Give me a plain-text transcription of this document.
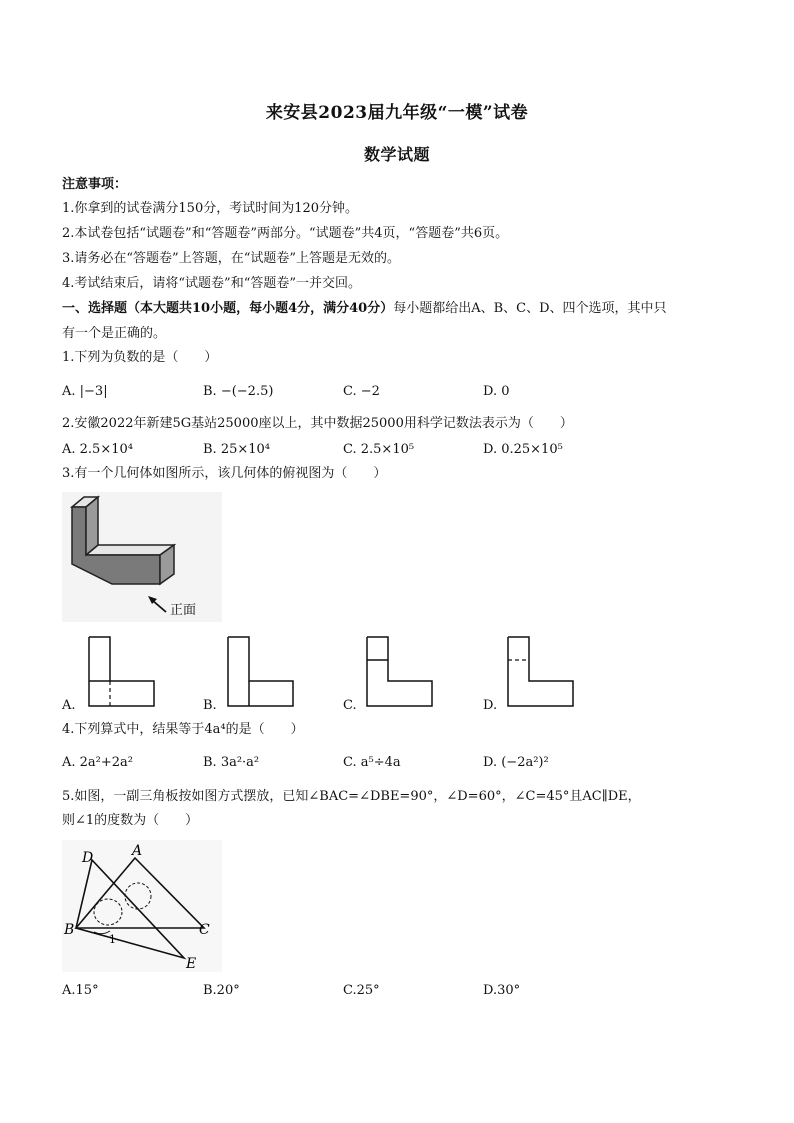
来安县2023届九年级“一模”试卷
数学试题
注意事项：
1.你拿到的试卷满分150分，考试时间为120分钟。
2.本试卷包括“试题卷”和“答题卷”两部分。“试题卷”共4页，“答题卷”共6页。
3.请务必在“答题卷”上答题，在“试题卷”上答题是无效的。
4.考试结束后，请将“试题卷”和“答题卷”一并交回。
一、选择题（本大题共10小题，每小题4分，满分40分）每小题都给出A、B、C、D、四个选项，其中只
有一个是正确的。
1.下列为负数的是（　　）
A. |−3|	B. −(−2.5)	C. −2	D. 0
2.安徽2022年新建5G基站25000座以上，其中数据25000用科学记数法表示为（　　）
A. 2.5×10⁴	B. 25×10⁴	C. 2.5×10⁵	D. 0.25×10⁵
3.有一个几何体如图所示，该几何体的俯视图为（　　）
正面
A.	B.	C.	D.
4.下列算式中，结果等于4a⁴的是（　　）
A. 2a²+2a²	B. 3a²·a²	C. a⁵÷4a	D. (−2a²)²
5.如图，一副三角板按如图方式摆放，已知∠BAC=∠DBE=90°，∠D=60°，∠C=45°且AC∥DE，
则∠1的度数为（　　）
D	A
B	C
E
1
A.15°	B.20°	C.25°	D.30°
